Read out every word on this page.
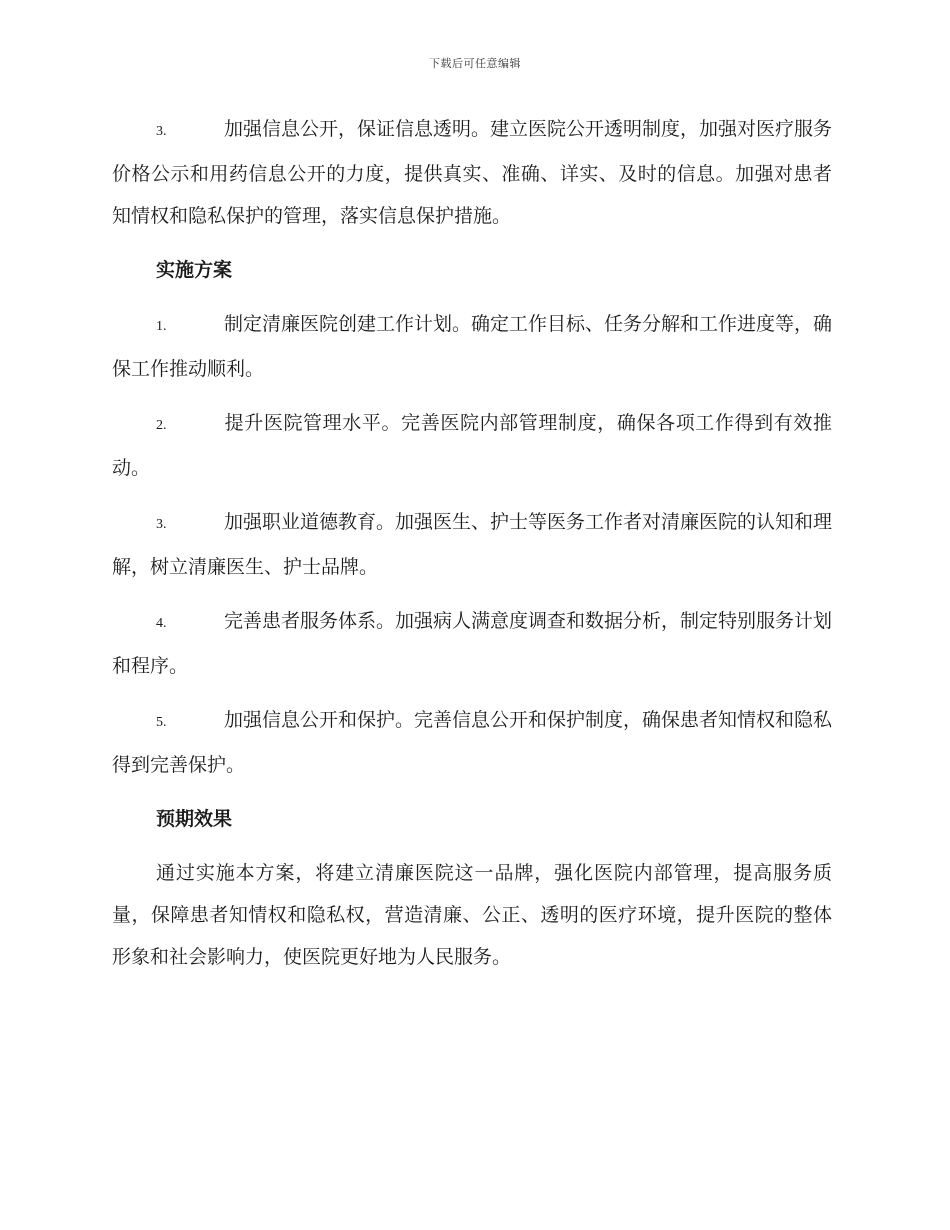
下载后可任意编辑

3.	加强信息公开，保证信息透明。建立医院公开透明制度，加强对医疗服务价格公示和用药信息公开的力度，提供真实、准确、详实、及时的信息。加强对患者知情权和隐私保护的管理，落实信息保护措施。

实施方案

1.	制定清廉医院创建工作计划。确定工作目标、任务分解和工作进度等，确保工作推动顺利。

2.	提升医院管理水平。完善医院内部管理制度，确保各项工作得到有效推动。

3.	加强职业道德教育。加强医生、护士等医务工作者对清廉医院的认知和理解，树立清廉医生、护士品牌。

4.	完善患者服务体系。加强病人满意度调查和数据分析，制定特别服务计划和程序。

5.	加强信息公开和保护。完善信息公开和保护制度，确保患者知情权和隐私得到完善保护。

预期效果

通过实施本方案，将建立清廉医院这一品牌，强化医院内部管理，提高服务质量，保障患者知情权和隐私权，营造清廉、公正、透明的医疗环境，提升医院的整体形象和社会影响力，使医院更好地为人民服务。
